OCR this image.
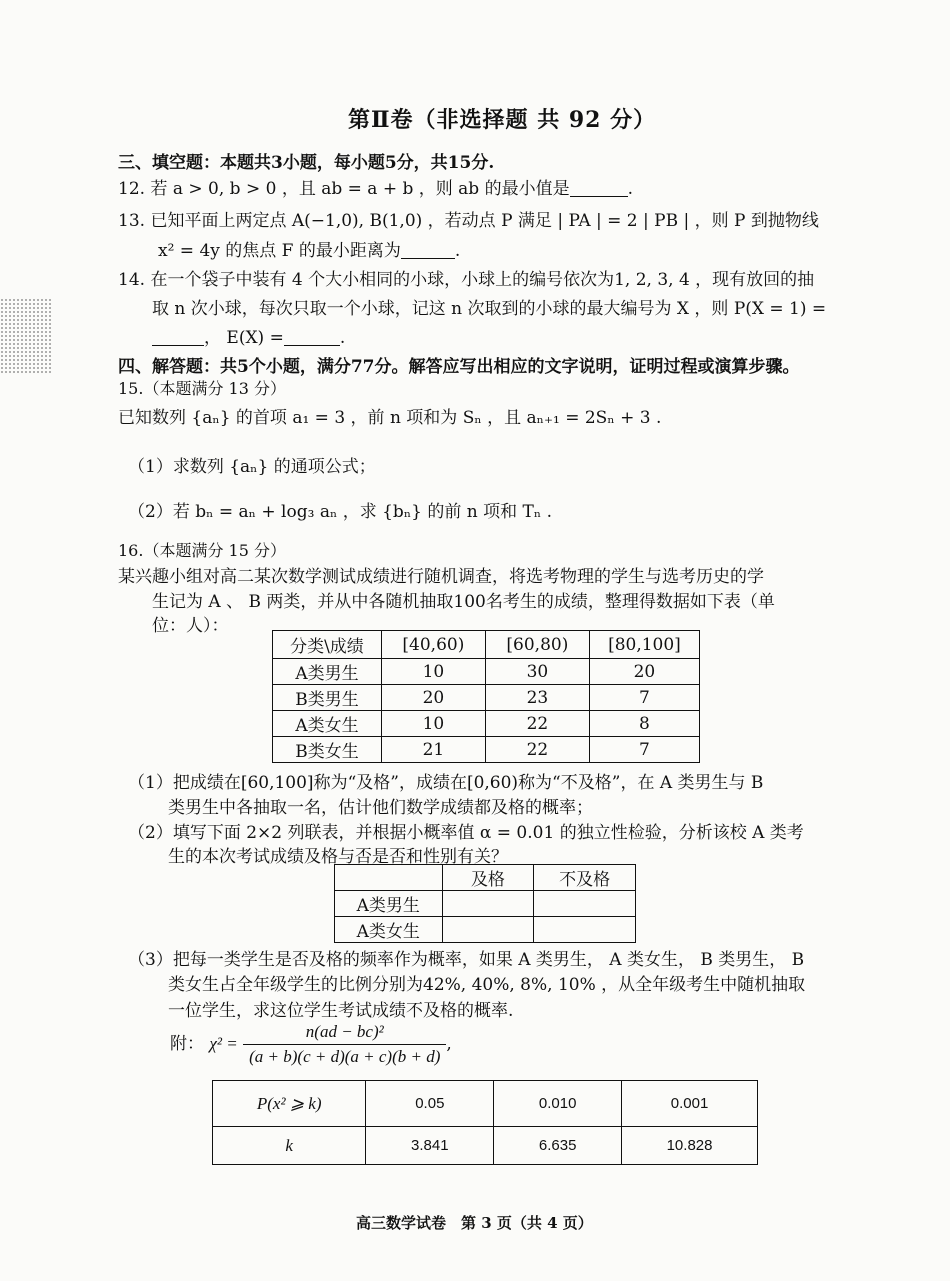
第Ⅱ卷（非选择题 共 92 分）
三、填空题：本题共3小题，每小题5分，共15分.
12. 若 a > 0, b > 0 ，且 ab = a + b ，则 ab 的最小值是	.
13. 已知平面上两定点 A(−1,0), B(1,0) ，若动点 P 满足 | PA | = 2 | PB | ，则 P 到抛物线
x² = 4y 的焦点 F 的最小距离为	.
14. 在一个袋子中装有 4 个大小相同的小球，小球上的编号依次为1, 2, 3, 4 ，现有放回的抽
取 n 次小球，每次只取一个小球，记这 n 次取到的小球的最大编号为 X ，则 P(X = 1) =
， E(X) =	.
四、解答题：共5个小题，满分77分。解答应写出相应的文字说明，证明过程或演算步骤。
15.（本题满分 13 分）
已知数列 {aₙ} 的首项 a₁ = 3 ，前 n 项和为 Sₙ ，且 aₙ₊₁ = 2Sₙ + 3 .
（1）求数列 {aₙ} 的通项公式；
（2）若 bₙ = aₙ + log₃ aₙ ，求 {bₙ} 的前 n 项和 Tₙ .
16.（本题满分 15 分）
某兴趣小组对高二某次数学测试成绩进行随机调查，将选考物理的学生与选考历史的学
生记为 A 、 B 两类，并从中各随机抽取100名考生的成绩，整理得数据如下表（单
位：人）：
分类\成绩	[40,60)	[60,80)	[80,100]
A类男生	10	30	20
B类男生	20	23	7
A类女生	10	22	8
B类女生	21	22	7
（1）把成绩在[60,100]称为“及格”，成绩在[0,60)称为“不及格”，在 A 类男生与 B
类男生中各抽取一名，估计他们数学成绩都及格的概率；
（2）填写下面 2×2 列联表，并根据小概率值 α = 0.01 的独立性检验，分析该校 A 类考
生的本次考试成绩及格与否是否和性别有关？
	及格	不及格
A类男生		
A类女生		
（3）把每一类学生是否及格的频率作为概率，如果 A 类男生， A 类女生， B 类男生， B
类女生占全年级学生的比例分别为42%, 40%, 8%, 10% ，从全年级考生中随机抽取
一位学生，求这位学生考试成绩不及格的概率.
附： $\chi^2 = \frac{\text{n(ad − bc)²}}{(a + b)(c + d)(a + c)(b + d)}$ ,
P(x² ⩾ k)	0.05	0.010	0.001
k	3.841	6.635	10.828
高三数学试卷　第 3 页（共 4 页）
